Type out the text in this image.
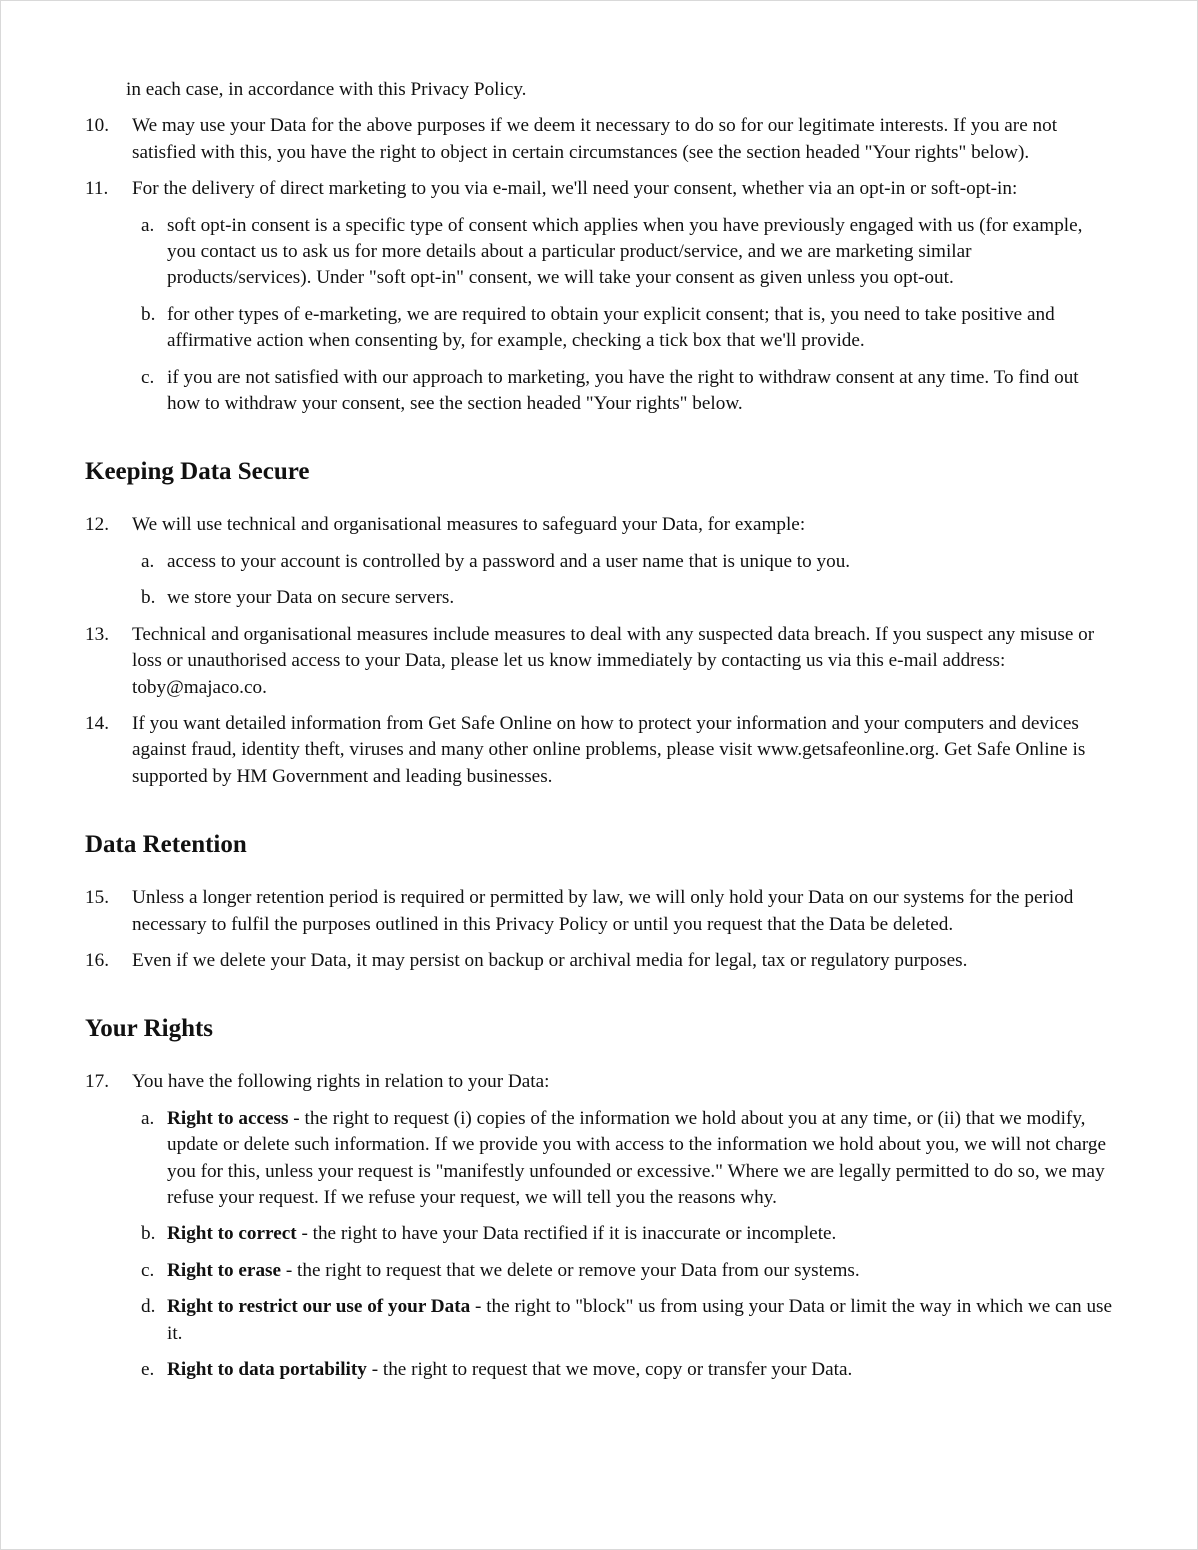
in each case, in accordance with this Privacy Policy.
10. We may use your Data for the above purposes if we deem it necessary to do so for our legitimate interests. If you are not satisfied with this, you have the right to object in certain circumstances (see the section headed "Your rights" below).
11. For the delivery of direct marketing to you via e-mail, we'll need your consent, whether via an opt-in or soft-opt-in:
a. soft opt-in consent is a specific type of consent which applies when you have previously engaged with us (for example, you contact us to ask us for more details about a particular product/service, and we are marketing similar products/services). Under "soft opt-in" consent, we will take your consent as given unless you opt-out.
b. for other types of e-marketing, we are required to obtain your explicit consent; that is, you need to take positive and affirmative action when consenting by, for example, checking a tick box that we'll provide.
c. if you are not satisfied with our approach to marketing, you have the right to withdraw consent at any time. To find out how to withdraw your consent, see the section headed "Your rights" below.
Keeping Data Secure
12. We will use technical and organisational measures to safeguard your Data, for example:
a. access to your account is controlled by a password and a user name that is unique to you.
b. we store your Data on secure servers.
13. Technical and organisational measures include measures to deal with any suspected data breach. If you suspect any misuse or loss or unauthorised access to your Data, please let us know immediately by contacting us via this e-mail address: toby@majaco.co.
14. If you want detailed information from Get Safe Online on how to protect your information and your computers and devices against fraud, identity theft, viruses and many other online problems, please visit www.getsafeonline.org. Get Safe Online is supported by HM Government and leading businesses.
Data Retention
15. Unless a longer retention period is required or permitted by law, we will only hold your Data on our systems for the period necessary to fulfil the purposes outlined in this Privacy Policy or until you request that the Data be deleted.
16. Even if we delete your Data, it may persist on backup or archival media for legal, tax or regulatory purposes.
Your Rights
17. You have the following rights in relation to your Data:
a. Right to access - the right to request (i) copies of the information we hold about you at any time, or (ii) that we modify, update or delete such information. If we provide you with access to the information we hold about you, we will not charge you for this, unless your request is "manifestly unfounded or excessive." Where we are legally permitted to do so, we may refuse your request. If we refuse your request, we will tell you the reasons why.
b. Right to correct - the right to have your Data rectified if it is inaccurate or incomplete.
c. Right to erase - the right to request that we delete or remove your Data from our systems.
d. Right to restrict our use of your Data - the right to "block" us from using your Data or limit the way in which we can use it.
e. Right to data portability - the right to request that we move, copy or transfer your Data.
